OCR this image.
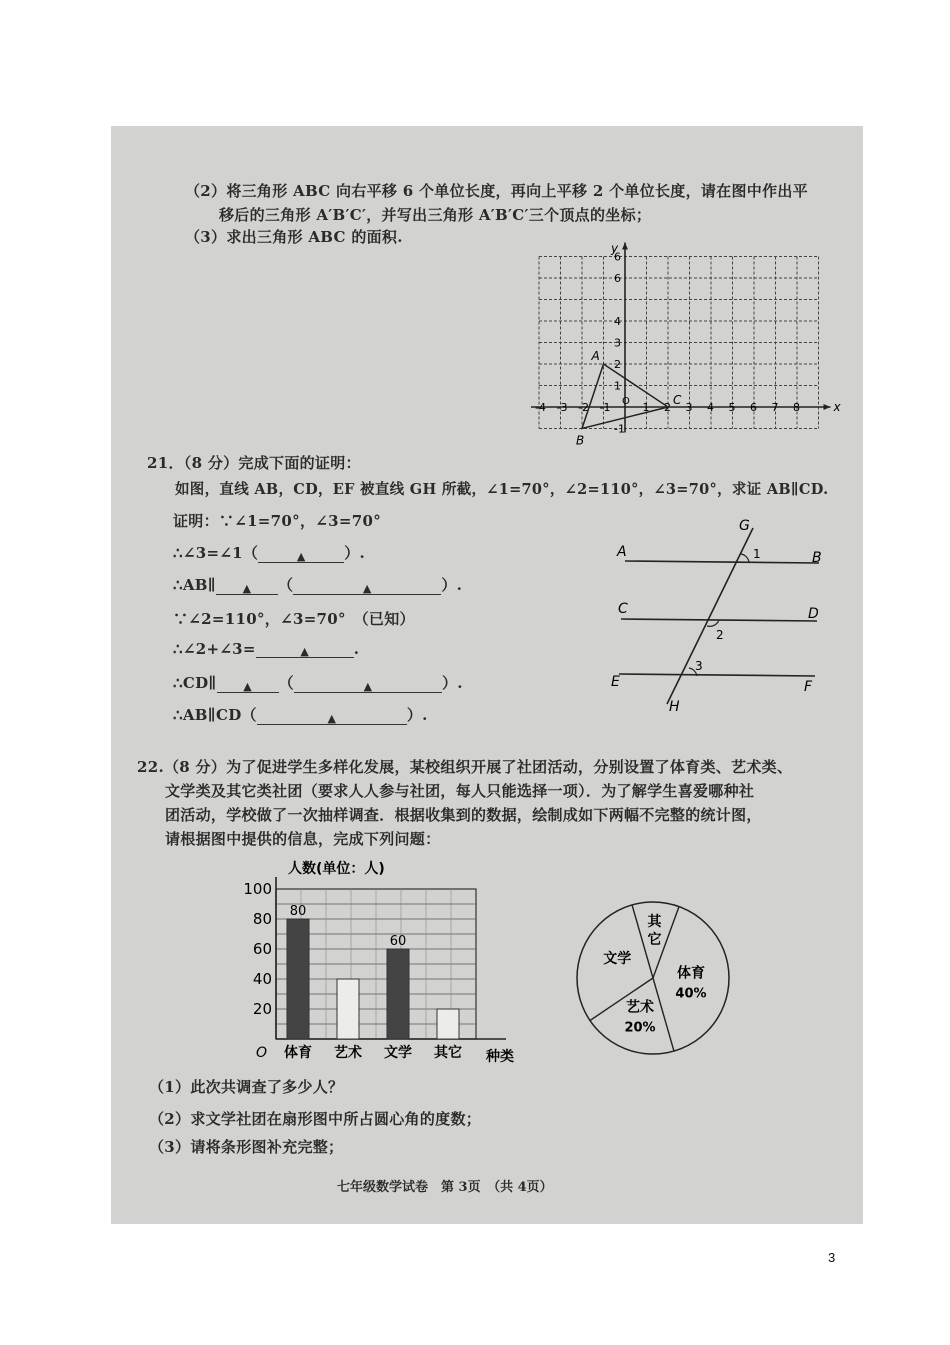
（2）将三角形 ABC 向右平移 6 个单位长度，再向上平移 2 个单位长度，请在图中作出平
移后的三角形 A′B′C′，并写出三角形 A′B′C′三个顶点的坐标；
（3）求出三角形 ABC 的面积.
x
y
O
-4 -3 -2 -1	1 2 3 4 5 6 7 8
6
6
4
3
2
1
-1
A
B
C
21．（8 分）完成下面的证明：
如图，直线 AB，CD，EF 被直线 GH 所截，∠1=70°，∠2=110°，∠3=70°，求证 AB∥CD.
证明：∵∠1=70°，∠3=70°
∴∠3=∠1（	▲	）.
∴AB∥ ▲ （	▲	）.
∵∠2=110°，∠3=70°　（已知）
∴∠2+∠3=	▲	.
∴CD∥ ▲ （	▲	）.
∴AB∥CD（	▲	）.
A	B
C	D
E	F
G
H
1
2
3
22.（8 分）为了促进学生多样化发展，某校组织开展了社团活动，分别设置了体育类、艺术类、
文学类及其它类社团（要求人人参与社团，每人只能选择一项）．为了解学生喜爱哪种社
团活动，学校做了一次抽样调查．根据收集到的数据，绘制成如下两幅不完整的统计图，
请根据图中提供的信息，完成下列问题：
20
40
60
80
100
人数(单位：人)
O	种类
80
体育 艺术
60
文学 其它
体育
40%
艺术
20%
文学
其
它
（1）此次共调查了多少人？
（2）求文学社团在扇形图中所占圆心角的度数；
（3）请将条形图补充完整；
七年级数学试卷　第 3页　（共 4页）
3
